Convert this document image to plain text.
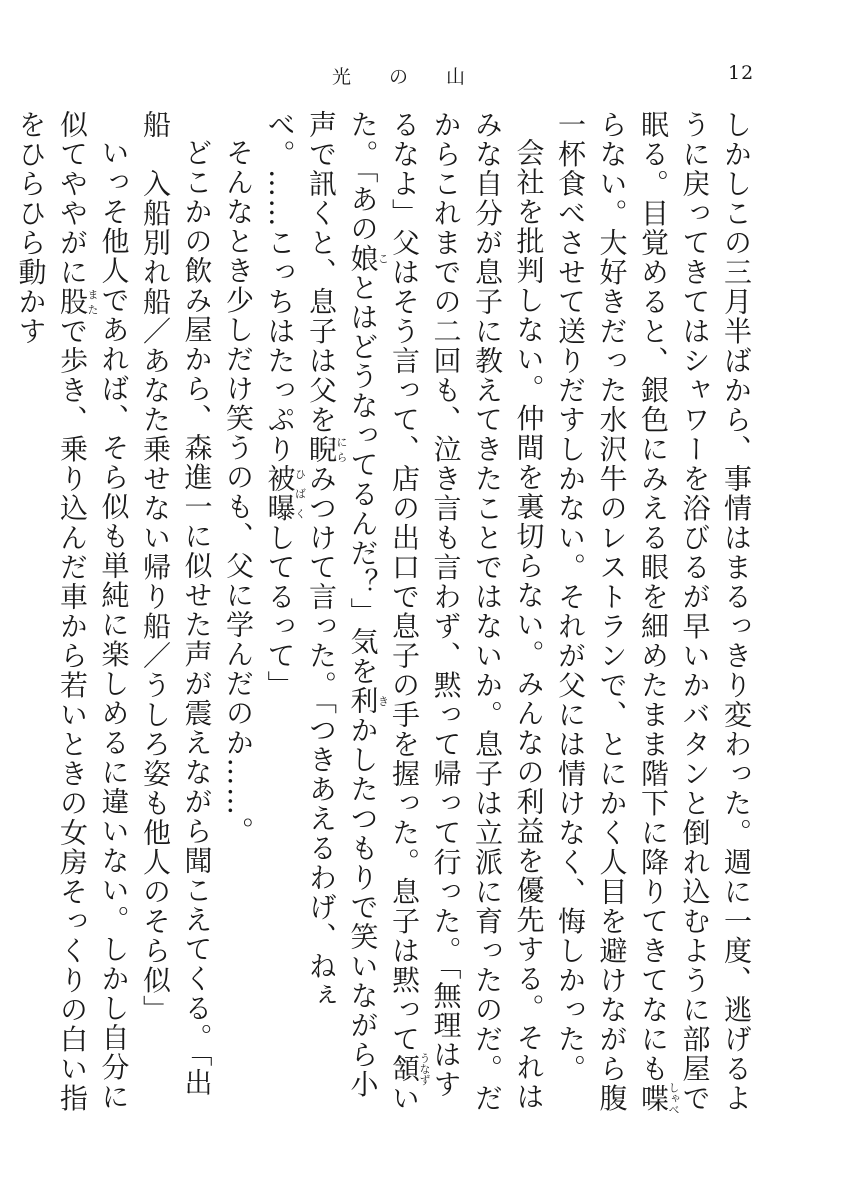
光の山	12

しかしこの三月半ばから、事情はまるっきり変わった。週に一度、逃げるように戻ってきてはシャワーを浴びるが早いかバタンと倒れ込むように部屋で眠る。目覚めると、銀色にみえる眼を細めたまま階下に降りてきてなにも喋しゃべらない。大好きだった水沢牛のレストランで、とにかく人目を避けながら腹一杯食べさせて送りだすしかない。それが父には情けなく、悔しかった。

会社を批判しない。仲間を裏切らない。みんなの利益を優先する。それはみな自分が息子に教えてきたことではないか。息子は立派に育ったのだ。だからこれまでの二回も、泣き言も言わず、黙って帰って行った。「無理はするなよ」父はそう言って、店の出口で息子の手を握った。息子は黙って頷うなずいた。「あの娘ことはどうなってるんだ？」気を利きかしたつもりで笑いながら小声で訊くと、息子は父を睨にらみつけて言った。「つきあえるわげ、ねぇべ。……こっちはたっぷり被曝ひばくしてるって」

そんなとき少しだけ笑うのも、父に学んだのか……。

どこかの飲み屋から、森進一に似せた声が震えながら聞こえてくる。「出船　入船別れ船／あなた乗せない帰り船／うしろ姿も他人のそら似」

いっそ他人であれば、そら似も単純に楽しめるに違いない。しかし自分に似てややがに股またで歩き、乗り込んだ車から若いときの女房そっくりの白い指をひらひら動かす
